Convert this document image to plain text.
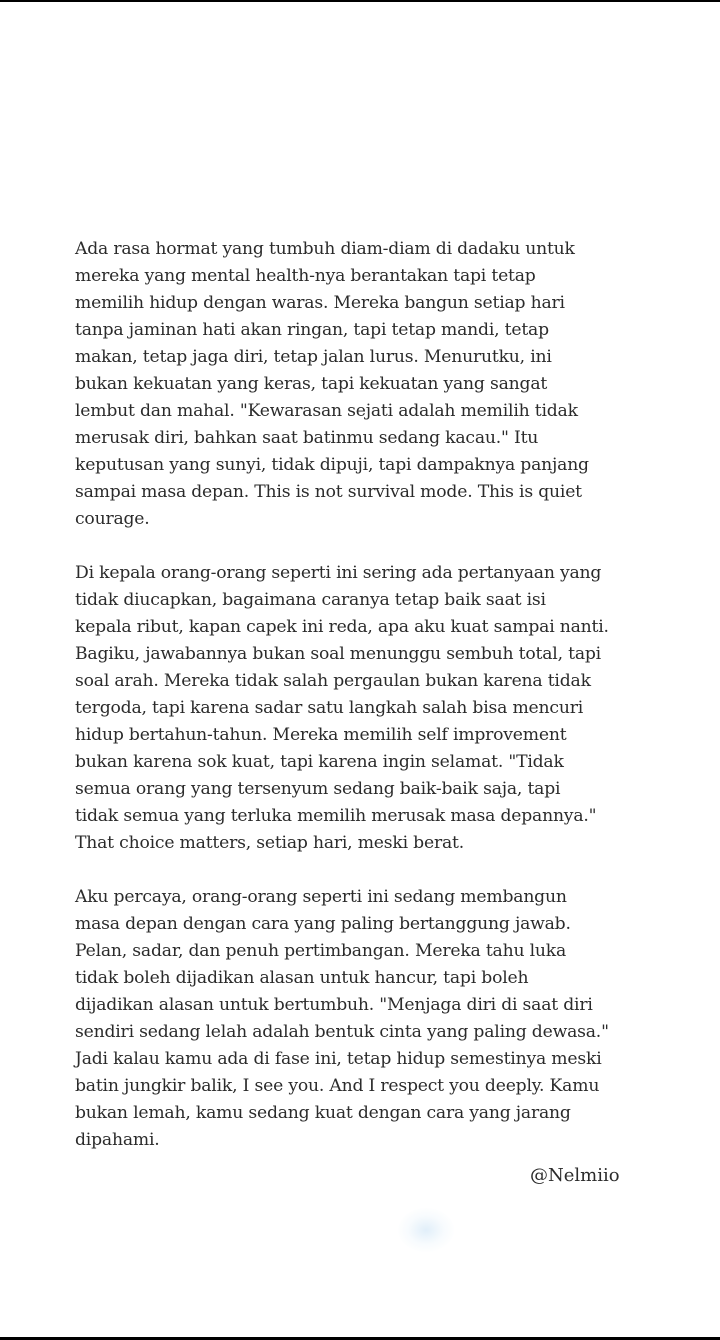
Ada rasa hormat yang tumbuh diam-diam di dadaku untuk
mereka yang mental health-nya berantakan tapi tetap
memilih hidup dengan waras. Mereka bangun setiap hari
tanpa jaminan hati akan ringan, tapi tetap mandi, tetap
makan, tetap jaga diri, tetap jalan lurus. Menurutku, ini
bukan kekuatan yang keras, tapi kekuatan yang sangat
lembut dan mahal. "Kewarasan sejati adalah memilih tidak
merusak diri, bahkan saat batinmu sedang kacau." Itu
keputusan yang sunyi, tidak dipuji, tapi dampaknya panjang
sampai masa depan. This is not survival mode. This is quiet
courage.
Di kepala orang-orang seperti ini sering ada pertanyaan yang
tidak diucapkan, bagaimana caranya tetap baik saat isi
kepala ribut, kapan capek ini reda, apa aku kuat sampai nanti.
Bagiku, jawabannya bukan soal menunggu sembuh total, tapi
soal arah. Mereka tidak salah pergaulan bukan karena tidak
tergoda, tapi karena sadar satu langkah salah bisa mencuri
hidup bertahun-tahun. Mereka memilih self improvement
bukan karena sok kuat, tapi karena ingin selamat. "Tidak
semua orang yang tersenyum sedang baik-baik saja, tapi
tidak semua yang terluka memilih merusak masa depannya."
That choice matters, setiap hari, meski berat.
Aku percaya, orang-orang seperti ini sedang membangun
masa depan dengan cara yang paling bertanggung jawab.
Pelan, sadar, dan penuh pertimbangan. Mereka tahu luka
tidak boleh dijadikan alasan untuk hancur, tapi boleh
dijadikan alasan untuk bertumbuh. "Menjaga diri di saat diri
sendiri sedang lelah adalah bentuk cinta yang paling dewasa."
Jadi kalau kamu ada di fase ini, tetap hidup semestinya meski
batin jungkir balik, I see you. And I respect you deeply. Kamu
bukan lemah, kamu sedang kuat dengan cara yang jarang
dipahami.
@Nelmiio
